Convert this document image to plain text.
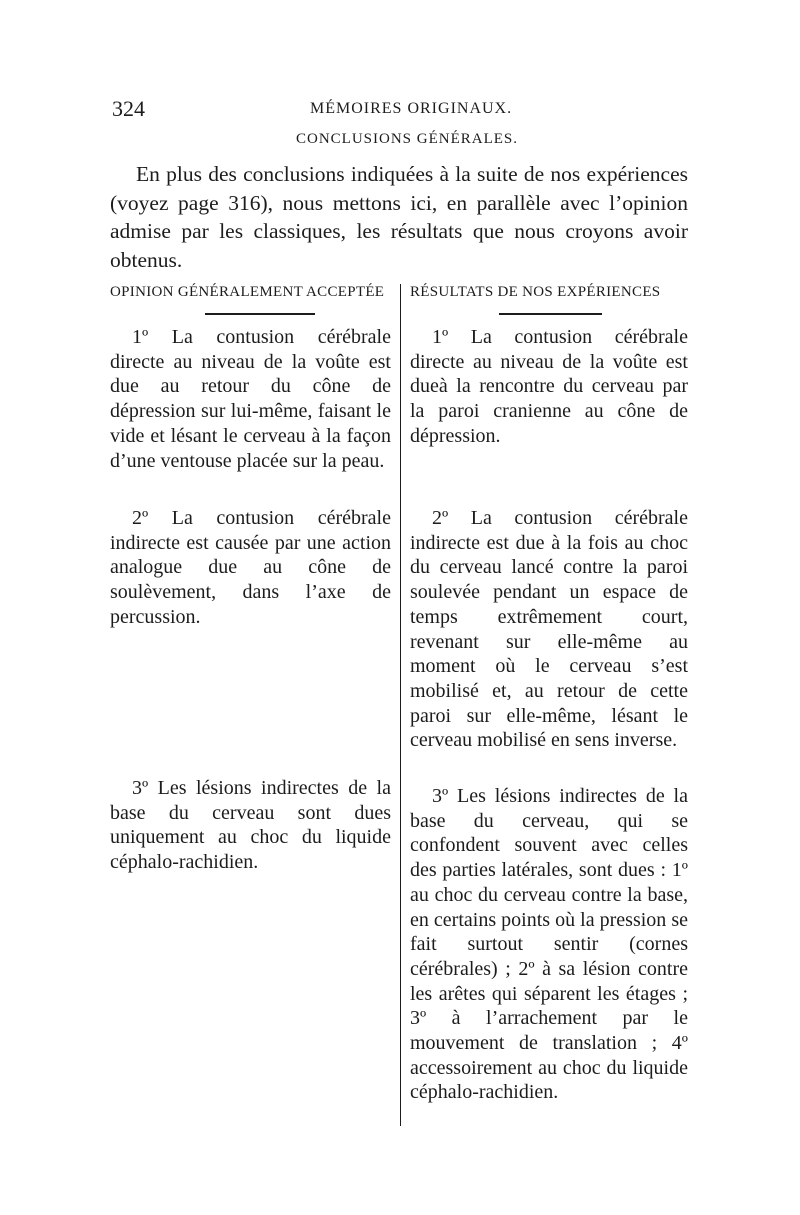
324	MÉMOIRES ORIGINAUX.
CONCLUSIONS GÉNÉRALES.

En plus des conclusions indiquées à la suite de nos expériences (voyez page 316), nous mettons ici, en parallèle avec l’opinion admise par les classiques, les résultats que nous croyons avoir obtenus.

OPINION GÉNÉRALEMENT ACCEPTÉE RÉSULTATS DE NOS EXPÉRIENCES

1º La contusion cérébrale directe au niveau de la voûte est due au retour du cône de dépression sur lui-même, faisant le vide et lésant le cerveau à la façon d’une ventouse placée sur la peau.

2º La contusion cérébrale indirecte est causée par une action analogue due au cône de soulèvement, dans l’axe de percussion.

3º Les lésions indirectes de la base du cerveau sont dues uniquement au choc du liquide céphalo-rachidien.

1º La contusion cérébrale directe au niveau de la voûte est dueà la rencontre du cerveau par la paroi cranienne au cône de dépression.

2º La contusion cérébrale indirecte est due à la fois au choc du cerveau lancé contre la paroi soulevée pendant un espace de temps extrêmement court, revenant sur elle-même au moment où le cerveau s’est mobilisé et, au retour de cette paroi sur elle-même, lésant le cerveau mobilisé en sens inverse.

3º Les lésions indirectes de la base du cerveau, qui se confondent souvent avec celles des parties latérales, sont dues : 1º au choc du cerveau contre la base, en certains points où la pression se fait surtout sentir (cornes cérébrales) ; 2º à sa lésion contre les arêtes qui séparent les étages ; 3º à l’arrachement par le mouvement de translation ; 4º accessoirement au choc du liquide céphalo-rachidien.
